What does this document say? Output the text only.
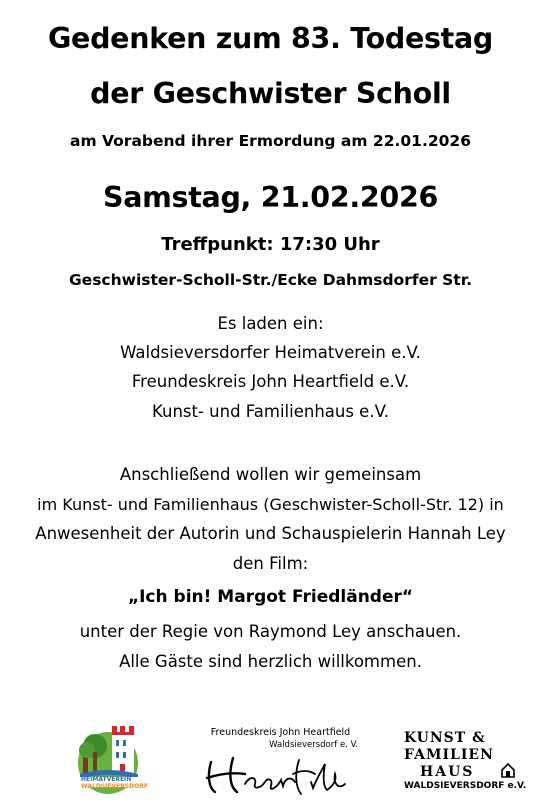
Gedenken zum 83. Todestag
der Geschwister Scholl
am Vorabend ihrer Ermordung am 22.01.2026
Samstag, 21.02.2026
Treffpunkt: 17:30 Uhr
Geschwister-Scholl-Str./Ecke Dahmsdorfer Str.
Es laden ein:
Waldsieversdorfer Heimatverein e.V.
Freundeskreis John Heartfield e.V.
Kunst- und Familienhaus e.V.
Anschließend wollen wir gemeinsam
im Kunst- und Familienhaus (Geschwister-Scholl-Str. 12) in
Anwesenheit der Autorin und Schauspielerin Hannah Ley
den Film:
„Ich bin! Margot Friedländer“
unter der Regie von Raymond Ley anschauen.
Alle Gäste sind herzlich willkommen.
HEIMATVEREIN
WALDSIEVERSDORF
Freundeskreis John Heartfield
Waldsieversdorf e. V.	KUNST &
FAMILIEN
HAUS
WALDSIEVERSDORF e.V.
